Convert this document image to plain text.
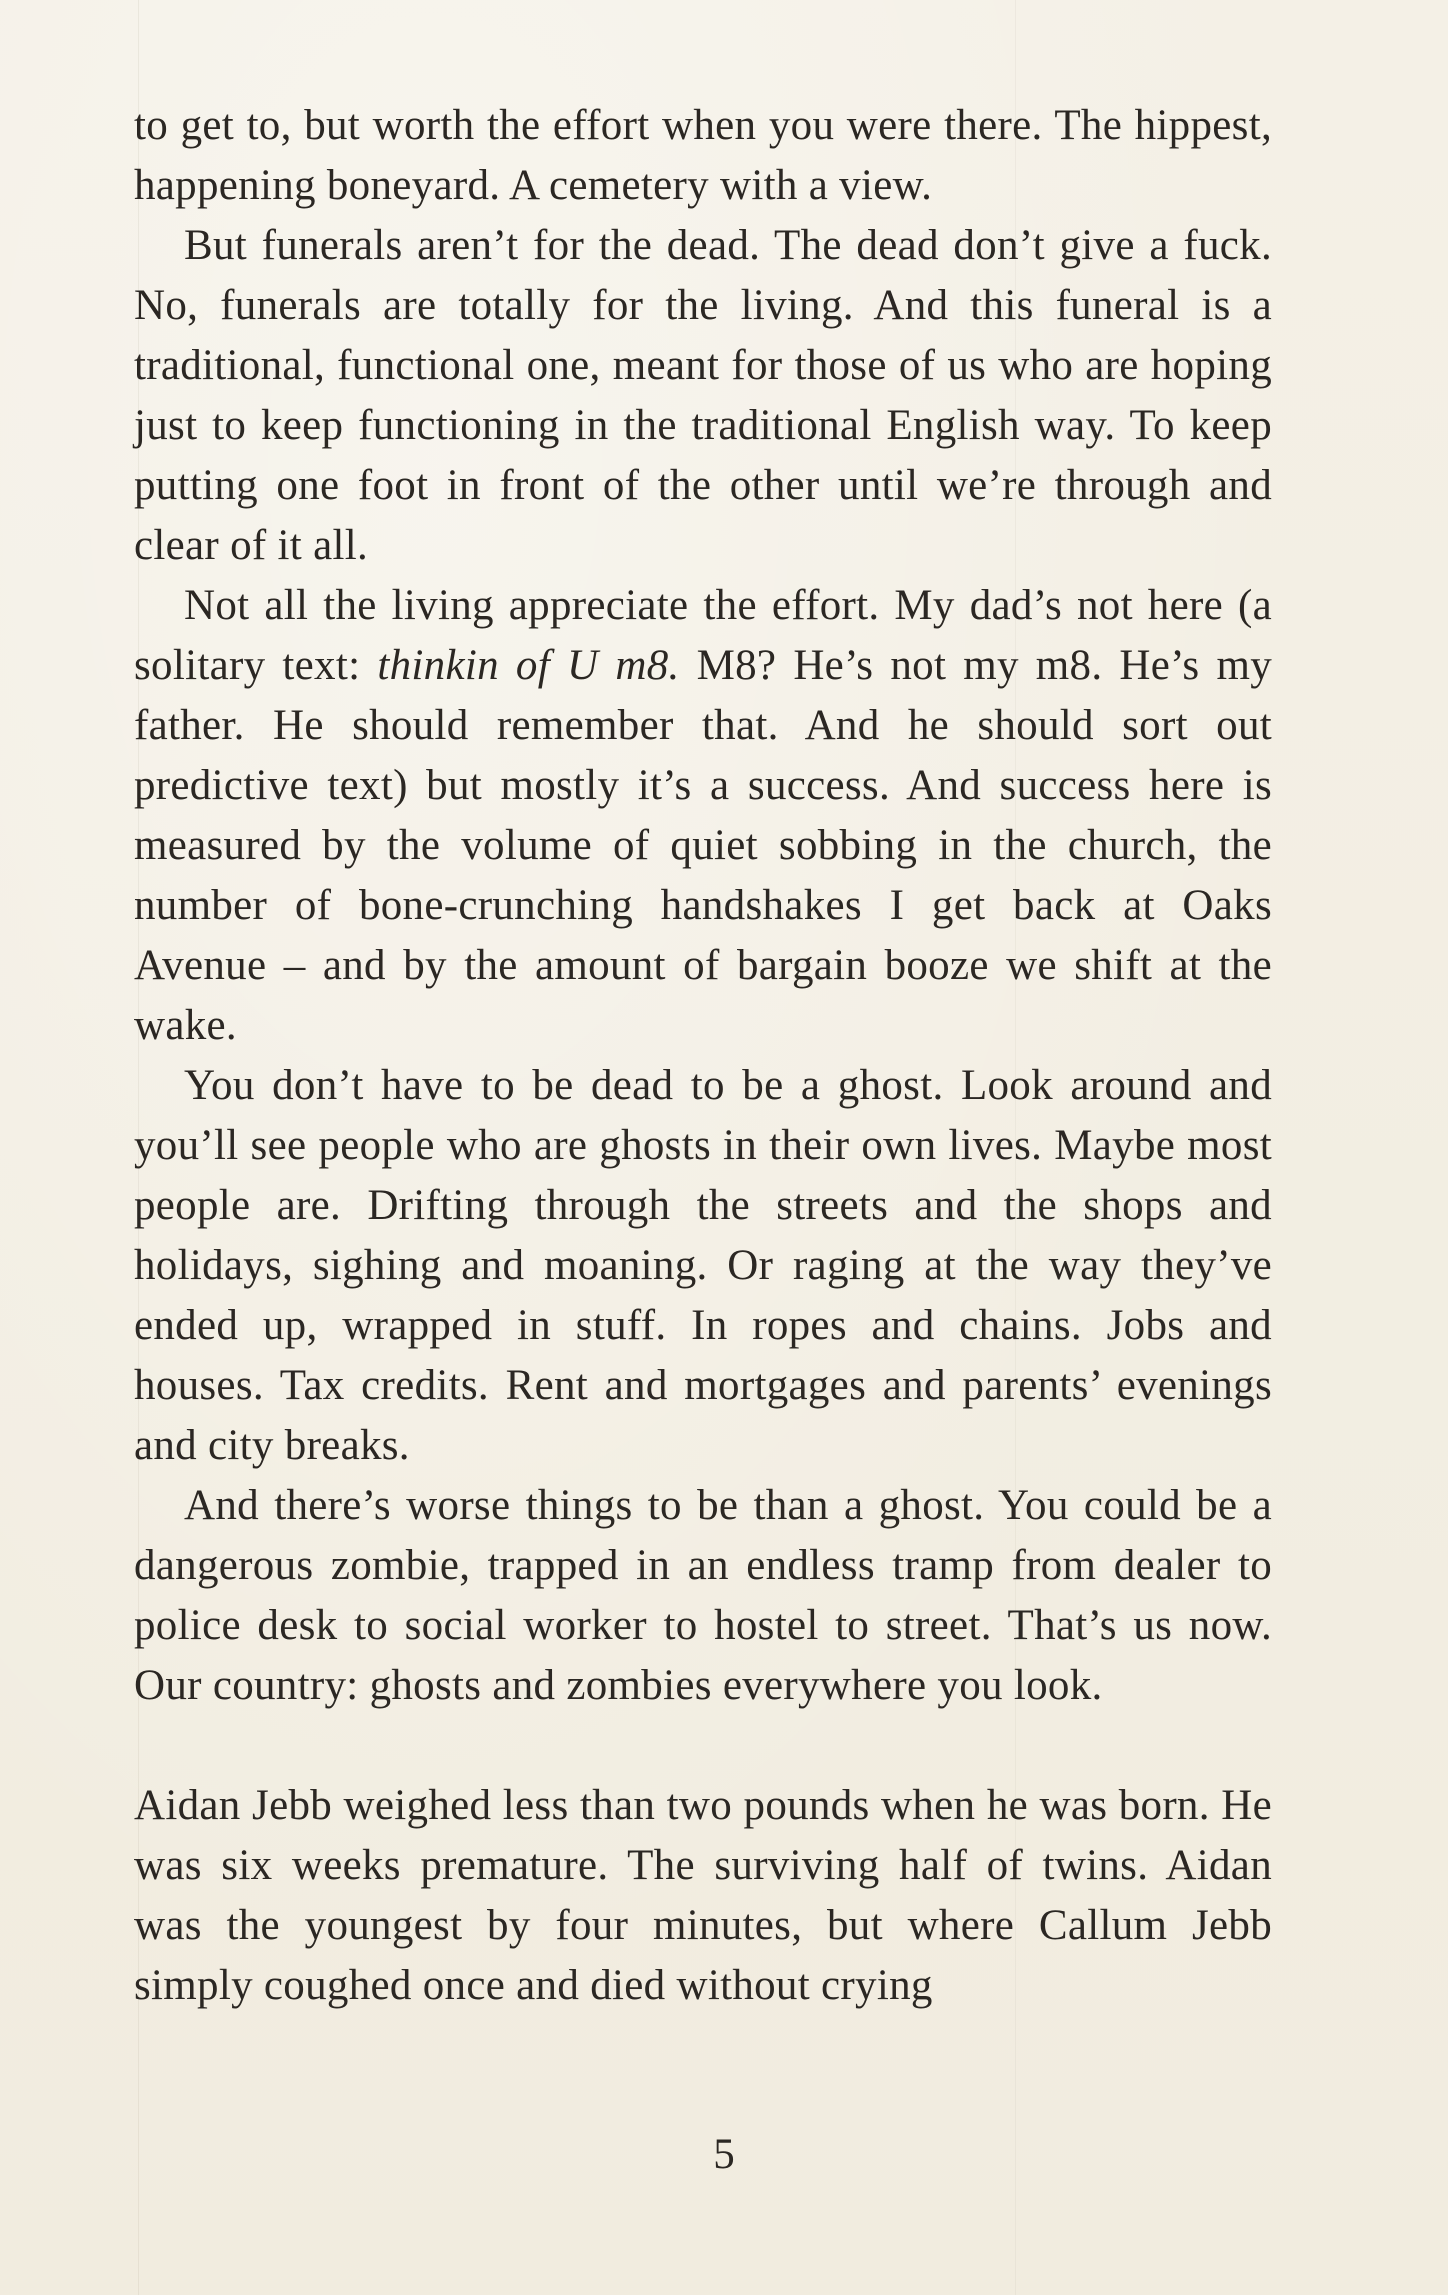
to get to, but worth the effort when you were there. The hippest, happening boneyard. A cemetery with a view.

But funerals aren’t for the dead. The dead don’t give a fuck. No, funerals are totally for the living. And this funeral is a traditional, functional one, meant for those of us who are hoping just to keep functioning in the traditional English way. To keep putting one foot in front of the other until we’re through and clear of it all.

Not all the living appreciate the effort. My dad’s not here (a solitary text: thinkin of U m8. M8? He’s not my m8. He’s my father. He should remember that. And he should sort out predictive text) but mostly it’s a success. And success here is measured by the volume of quiet sobbing in the church, the number of bone-crunching handshakes I get back at Oaks Avenue – and by the amount of bargain booze we shift at the wake.

You don’t have to be dead to be a ghost. Look around and you’ll see people who are ghosts in their own lives. Maybe most people are. Drifting through the streets and the shops and holidays, sighing and moaning. Or raging at the way they’ve ended up, wrapped in stuff. In ropes and chains. Jobs and houses. Tax credits. Rent and mortgages and parents’ evenings and city breaks.

And there’s worse things to be than a ghost. You could be a dangerous zombie, trapped in an endless tramp from dealer to police desk to social worker to hostel to street. That’s us now. Our country: ghosts and zombies everywhere you look.

Aidan Jebb weighed less than two pounds when he was born. He was six weeks premature. The surviving half of twins. Aidan was the youngest by four minutes, but where Callum Jebb simply coughed once and died without crying

5
